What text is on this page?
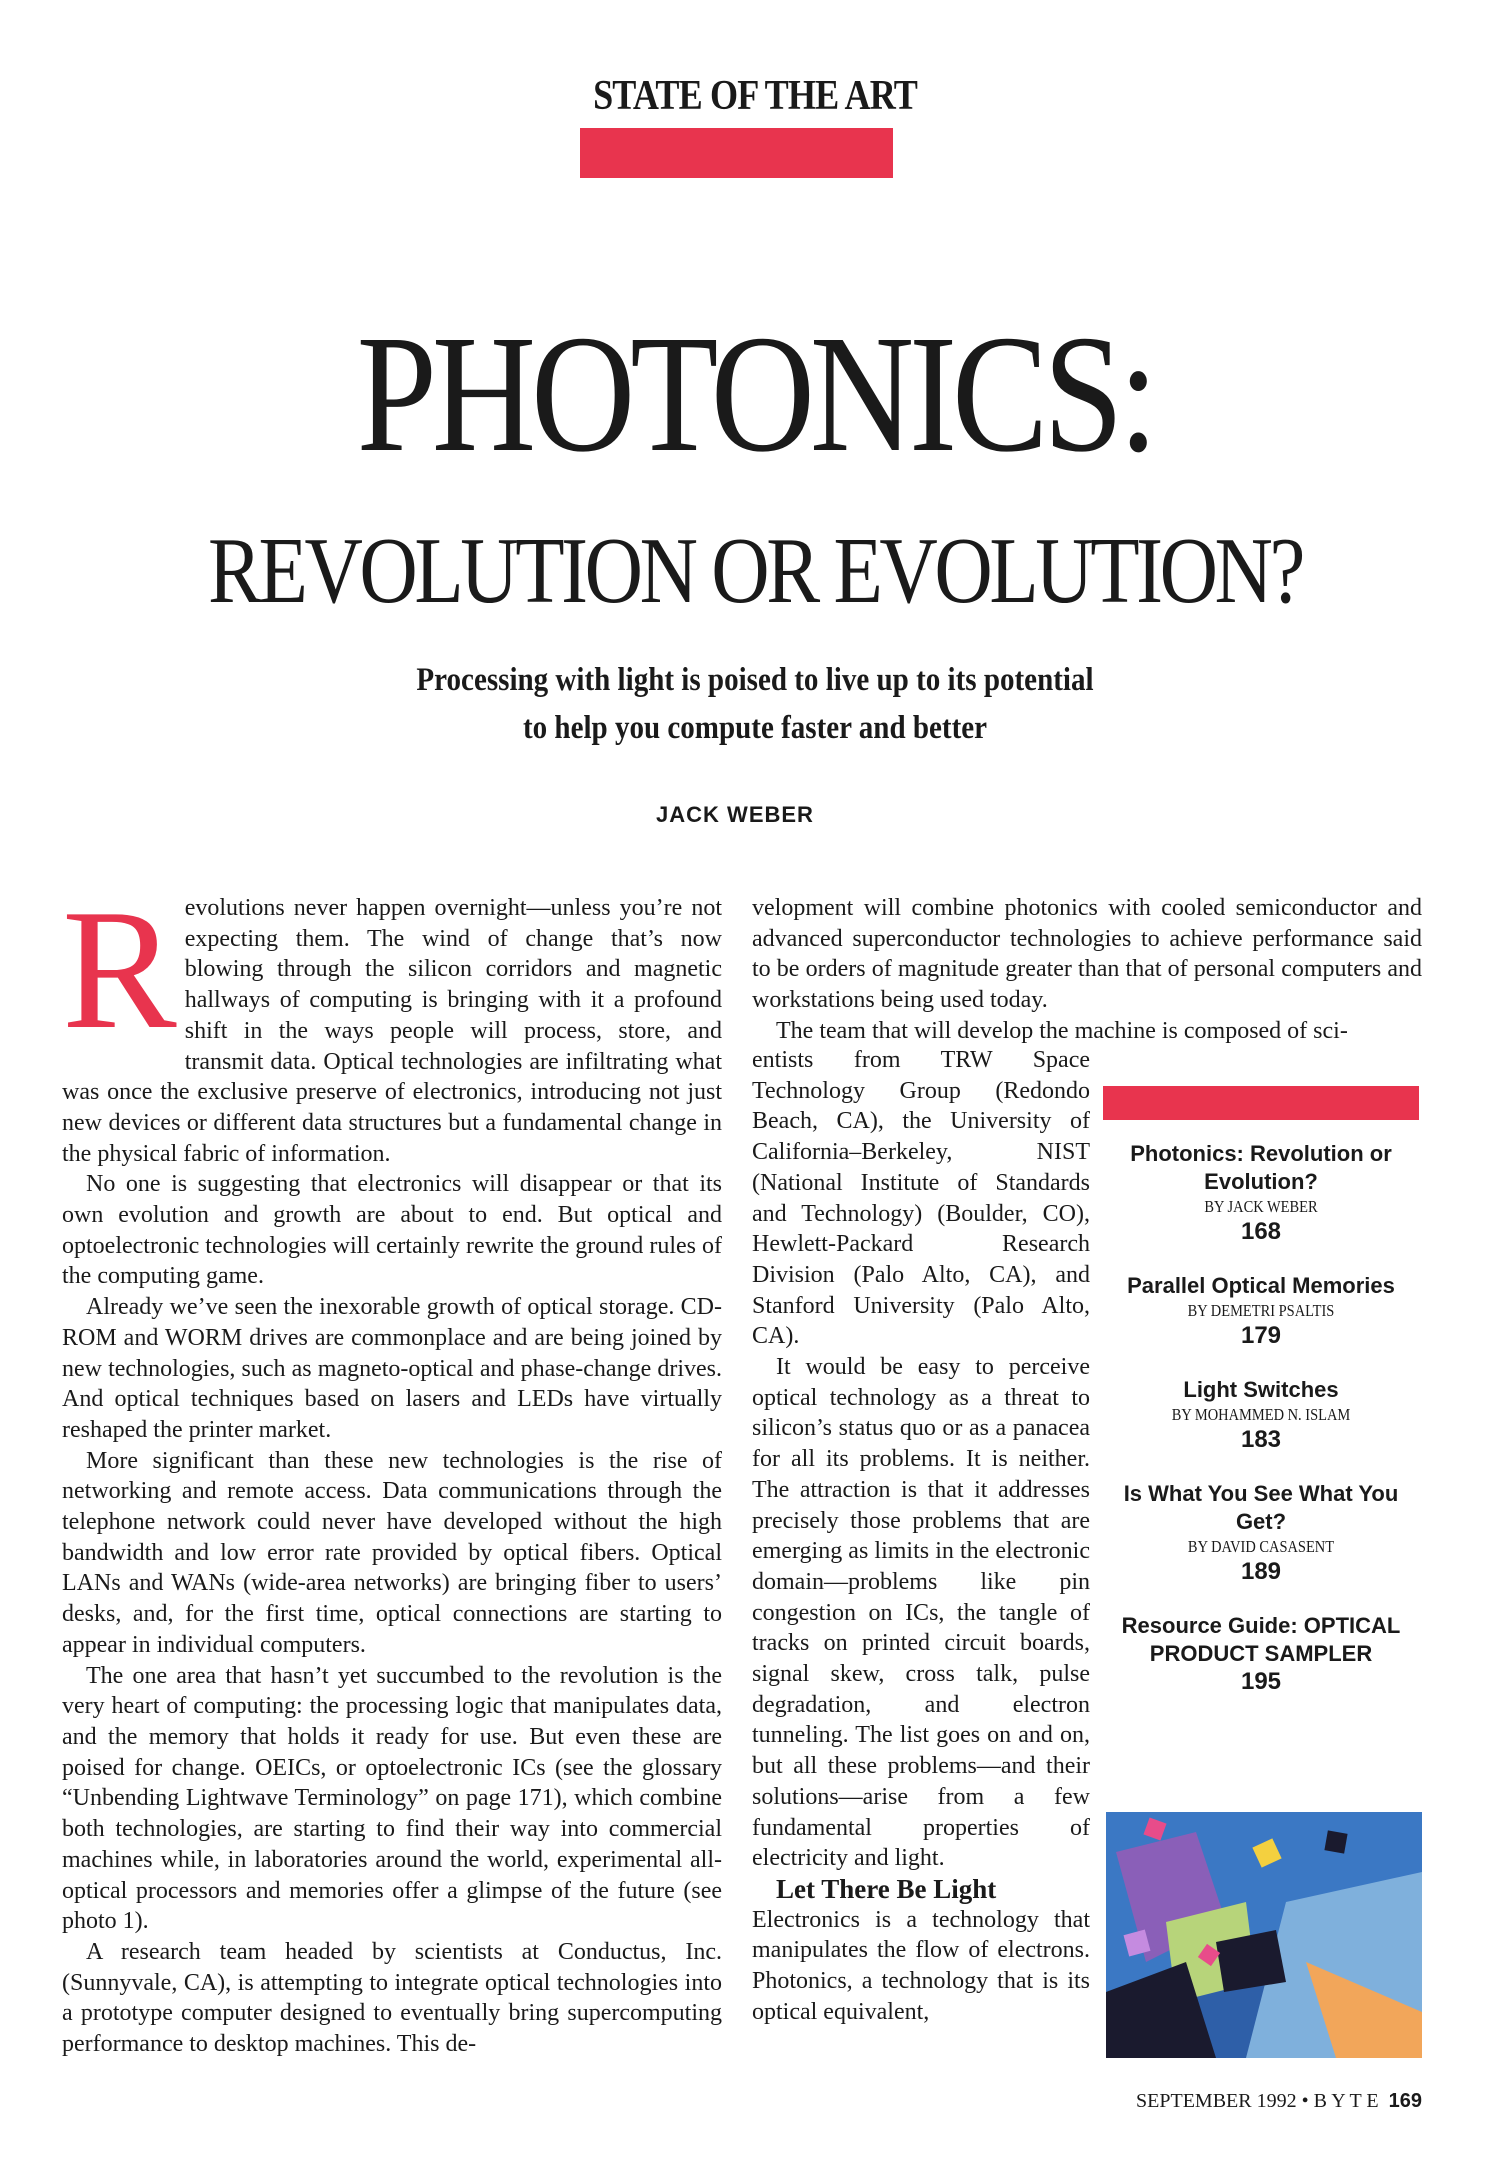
STATE OF THE ART
PHOTONICS:
REVOLUTION OR EVOLUTION?
Processing with light is poised to live up to its potential
to help you compute faster and better
JACK WEBER

Revolutions never happen overnight—unless you’re not expecting them. The wind of change that’s now blowing through the silicon corridors and magnetic hallways of computing is bringing with it a profound shift in the ways people will process, store, and transmit data. Optical technologies are infiltrating what was once the exclusive preserve of electronics, introducing not just new devices or different data structures but a fundamental change in the physical fabric of information.

No one is suggesting that electronics will disappear or that its own evolution and growth are about to end. But optical and optoelectronic technologies will certainly rewrite the ground rules of the computing game.

Already we’ve seen the inexorable growth of optical storage. CD-ROM and WORM drives are commonplace and are being joined by new technologies, such as magneto-optical and phase-change drives. And optical techniques based on lasers and LEDs have virtually reshaped the printer market.

More significant than these new technologies is the rise of networking and remote access. Data communications through the telephone network could never have developed without the high bandwidth and low error rate provided by optical fibers. Optical LANs and WANs (wide-area networks) are bringing fiber to users’ desks, and, for the first time, optical connections are starting to appear in individual computers.

The one area that hasn’t yet succumbed to the revolution is the very heart of computing: the processing logic that manipulates data, and the memory that holds it ready for use. But even these are poised for change. OEICs, or optoelectronic ICs (see the glossary “Unbending Lightwave Terminology” on page 171), which combine both technologies, are starting to find their way into commercial machines while, in laboratories around the world, experimental all-optical processors and memories offer a glimpse of the future (see photo 1).

A research team headed by scientists at Conductus, Inc. (Sunnyvale, CA), is attempting to integrate optical technologies into a prototype computer designed to eventually bring supercomputing performance to desktop machines. This de-

velopment will combine photonics with cooled semiconductor and advanced superconductor technologies to achieve performance said to be orders of magnitude greater than that of personal computers and workstations being used today.

The team that will develop the machine is composed of sci-

entists from TRW Space Technology Group (Redondo Beach, CA), the University of California–Berkeley, NIST (National Institute of Standards and Technology) (Boulder, CO), Hewlett-Packard Research Division (Palo Alto, CA), and Stanford University (Palo Alto, CA).

It would be easy to perceive optical technology as a threat to silicon’s status quo or as a panacea for all its problems. It is neither. The attraction is that it addresses precisely those problems that are emerging as limits in the electronic domain—problems like pin congestion on ICs, the tangle of tracks on printed circuit boards, signal skew, cross talk, pulse degradation, and electron tunneling. The list goes on and on, but all these problems—and their solutions—arise from a few fundamental properties of electricity and light.

Let There Be Light

Electronics is a technology that manipulates the flow of electrons. Photonics, a technology that is its optical equivalent,

Photonics: Revolution or Evolution?
BY JACK WEBER
168
Parallel Optical Memories
BY DEMETRI PSALTIS
179
Light Switches
BY MOHAMMED N. ISLAM
183
Is What You See What You Get?
BY DAVID CASASENT
189
Resource Guide: OPTICAL PRODUCT SAMPLER
195
SEPTEMBER 1992 • B Y T E 169
